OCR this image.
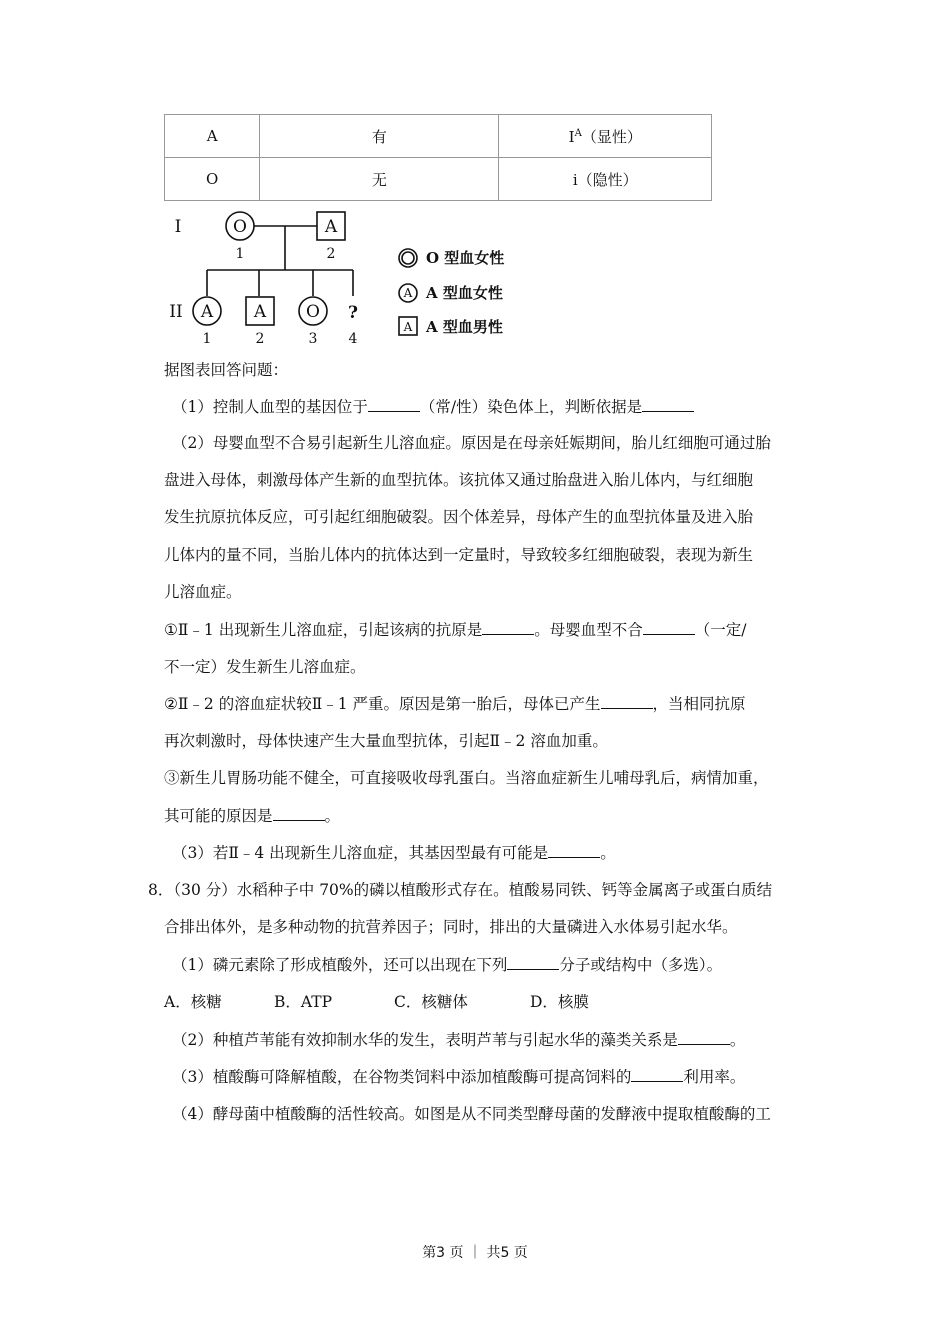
A	有	$I^A$（显性）
O	无	i（隐性）
I
II
O	A
A A O ?
1	2
1	2	3 4
A
A
O 型血女性
A 型血女性
A 型血男性
据图表回答问题：
（1）控制人血型的基因位于	（常/性）染色体上，判断依据是
（2）母婴血型不合易引起新生儿溶血症。原因是在母亲妊娠期间，胎儿红细胞可通过胎
盘进入母体，刺激母体产生新的血型抗体。该抗体又通过胎盘进入胎儿体内，与红细胞
发生抗原抗体反应，可引起红细胞破裂。因个体差异，母体产生的血型抗体量及进入胎
儿体内的量不同，当胎儿体内的抗体达到一定量时，导致较多红细胞破裂，表现为新生
儿溶血症。
①Ⅱ﹣1 出现新生儿溶血症，引起该病的抗原是	。母婴血型不合	（一定/
不一定）发生新生儿溶血症。
②Ⅱ﹣2 的溶血症状较Ⅱ﹣1 严重。原因是第一胎后，母体已产生	，当相同抗原
再次刺激时，母体快速产生大量血型抗体，引起Ⅱ﹣2 溶血加重。
③新生儿胃肠功能不健全，可直接吸收母乳蛋白。当溶血症新生儿哺母乳后，病情加重，
其可能的原因是	。
（3）若Ⅱ﹣4 出现新生儿溶血症，其基因型最有可能是	。
8．（30 分）水稻种子中 70%的磷以植酸形式存在。植酸易同铁、钙等金属离子或蛋白质结
合排出体外，是多种动物的抗营养因子；同时，排出的大量磷进入水体易引起水华。
（1）磷元素除了形成植酸外，还可以出现在下列	分子或结构中（多选）。
A．核糖	B．ATP	C．核糖体	D．核膜
（2）种植芦苇能有效抑制水华的发生，表明芦苇与引起水华的藻类关系是	。
（3）植酸酶可降解植酸，在谷物类饲料中添加植酸酶可提高饲料的	利用率。
（4）酵母菌中植酸酶的活性较高。如图是从不同类型酵母菌的发酵液中提取植酸酶的工
第3 页 ｜ 共5 页
